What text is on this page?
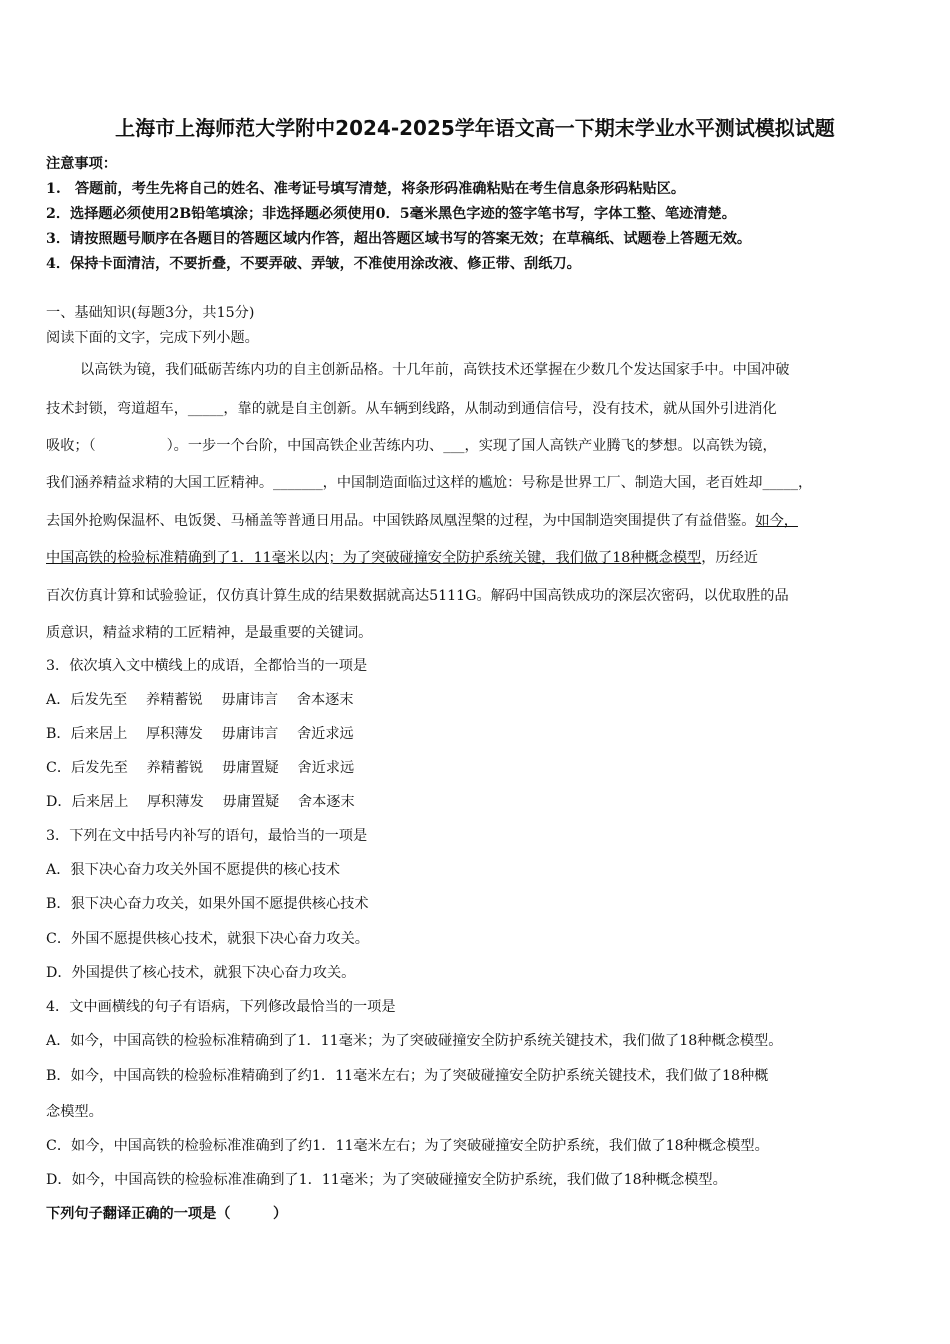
上海市上海师范大学附中2024-2025学年语文高一下期末学业水平测试模拟试题
注意事项：
1.　答题前，考生先将自己的姓名、准考证号填写清楚，将条形码准确粘贴在考生信息条形码粘贴区。
2．选择题必须使用2B铅笔填涂；非选择题必须使用0．5毫米黑色字迹的签字笔书写，字体工整、笔迹清楚。
3．请按照题号顺序在各题目的答题区域内作答，超出答题区域书写的答案无效；在草稿纸、试题卷上答题无效。
4．保持卡面清洁，不要折叠，不要弄破、弄皱，不准使用涂改液、修正带、刮纸刀。
一、基础知识(每题3分，共15分)
阅读下面的文字，完成下列小题。
以高铁为镜，我们砥砺苦练内功的自主创新品格。十几年前，高铁技术还掌握在少数几个发达国家手中。中国冲破
技术封锁，弯道超车，_____，靠的就是自主创新。从车辆到线路，从制动到通信信号，没有技术，就从国外引进消化
吸收；（　　　　　）。一步一个台阶，中国高铁企业苦练内功、___，实现了国人高铁产业腾飞的梦想。以高铁为镜，
我们涵养精益求精的大国工匠精神。_______，中国制造面临过这样的尴尬：号称是世界工厂、制造大国，老百姓却_____，
去国外抢购保温杯、电饭煲、马桶盖等普通日用品。中国铁路凤凰涅槃的过程，为中国制造突围提供了有益借鉴。如今，
中国高铁的检验标准精确到了1．11毫米以内；为了突破碰撞安全防护系统关键，我们做了18种概念模型，历经近
百次仿真计算和试验验证，仅仿真计算生成的结果数据就高达5111G。解码中国高铁成功的深层次密码，以优取胜的品
质意识，精益求精的工匠精神，是最重要的关键词。
3．依次填入文中横线上的成语，全都恰当的一项是
A．后发先至　 养精蓄锐　 毋庸讳言　 舍本逐末
B．后来居上　 厚积薄发　 毋庸讳言　 舍近求远
C．后发先至　 养精蓄锐　 毋庸置疑　 舍近求远
D．后来居上　 厚积薄发　 毋庸置疑　 舍本逐末
3．下列在文中括号内补写的语句，最恰当的一项是
A．狠下决心奋力攻关外国不愿提供的核心技术
B．狠下决心奋力攻关，如果外国不愿提供核心技术
C．外国不愿提供核心技术，就狠下决心奋力攻关。
D．外国提供了核心技术，就狠下决心奋力攻关。
4．文中画横线的句子有语病，下列修改最恰当的一项是
A．如今，中国高铁的检验标准精确到了1．11毫米；为了突破碰撞安全防护系统关键技术，我们做了18种概念模型。
B．如今，中国高铁的检验标准精确到了约1．11毫米左右；为了突破碰撞安全防护系统关键技术，我们做了18种概
念模型。
C．如今，中国高铁的检验标准准确到了约1．11毫米左右；为了突破碰撞安全防护系统，我们做了18种概念模型。
D．如今，中国高铁的检验标准准确到了1．11毫米；为了突破碰撞安全防护系统，我们做了18种概念模型。
下列句子翻译正确的一项是（　　　）
